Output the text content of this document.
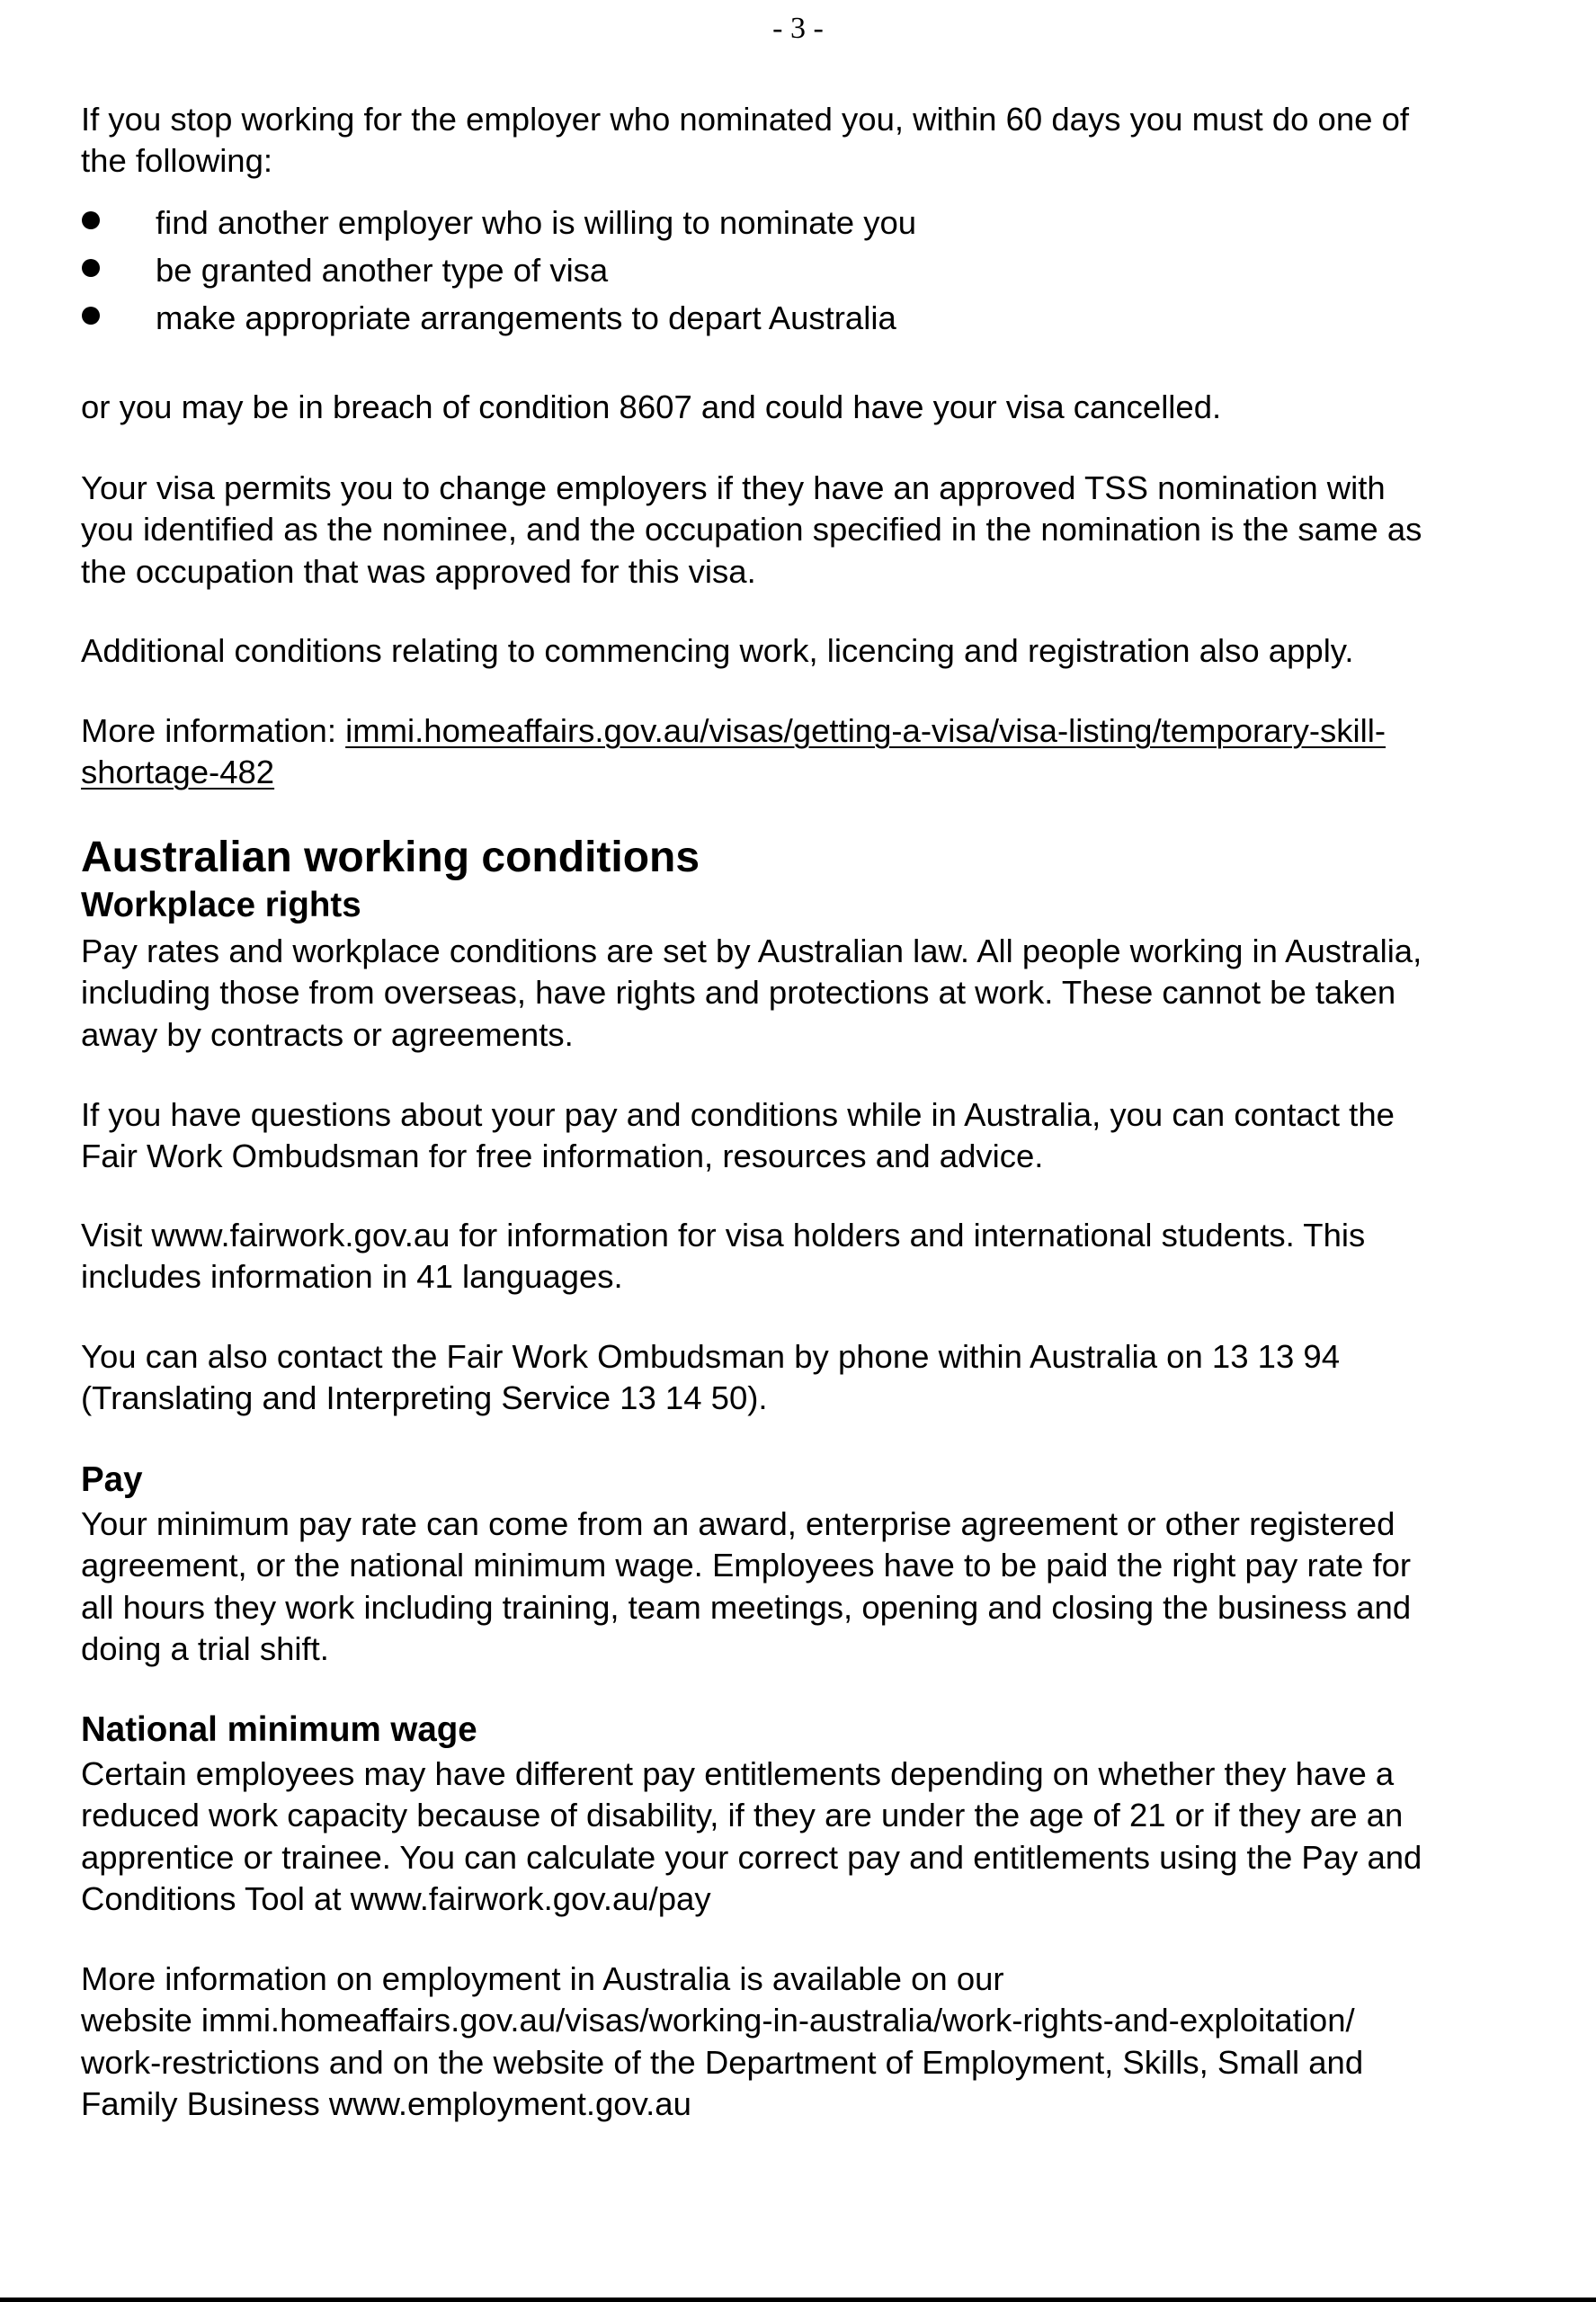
- 3 -
If you stop working for the employer who nominated you, within 60 days you must do one of
the following:
find another employer who is willing to nominate you
be granted another type of visa
make appropriate arrangements to depart Australia
or you may be in breach of condition 8607 and could have your visa cancelled.
Your visa permits you to change employers if they have an approved TSS nomination with
you identified as the nominee, and the occupation specified in the nomination is the same as
the occupation that was approved for this visa.
Additional conditions relating to commencing work, licencing and registration also apply.
More information: immi.homeaffairs.gov.au/visas/getting-a-visa/visa-listing/temporary-skill-
shortage-482
Australian working conditions
Workplace rights
Pay rates and workplace conditions are set by Australian law. All people working in Australia,
including those from overseas, have rights and protections at work. These cannot be taken
away by contracts or agreements.
If you have questions about your pay and conditions while in Australia, you can contact the
Fair Work Ombudsman for free information, resources and advice.
Visit www.fairwork.gov.au for information for visa holders and international students. This
includes information in 41 languages.
You can also contact the Fair Work Ombudsman by phone within Australia on 13 13 94
(Translating and Interpreting Service 13 14 50).
Pay
Your minimum pay rate can come from an award, enterprise agreement or other registered
agreement, or the national minimum wage. Employees have to be paid the right pay rate for
all hours they work including training, team meetings, opening and closing the business and
doing a trial shift.
National minimum wage
Certain employees may have different pay entitlements depending on whether they have a
reduced work capacity because of disability, if they are under the age of 21 or if they are an
apprentice or trainee. You can calculate your correct pay and entitlements using the Pay and
Conditions Tool at www.fairwork.gov.au/pay
More information on employment in Australia is available on our
website immi.homeaffairs.gov.au/visas/working-in-australia/work-rights-and-exploitation/
work-restrictions and on the website of the Department of Employment, Skills, Small and
Family Business www.employment.gov.au
